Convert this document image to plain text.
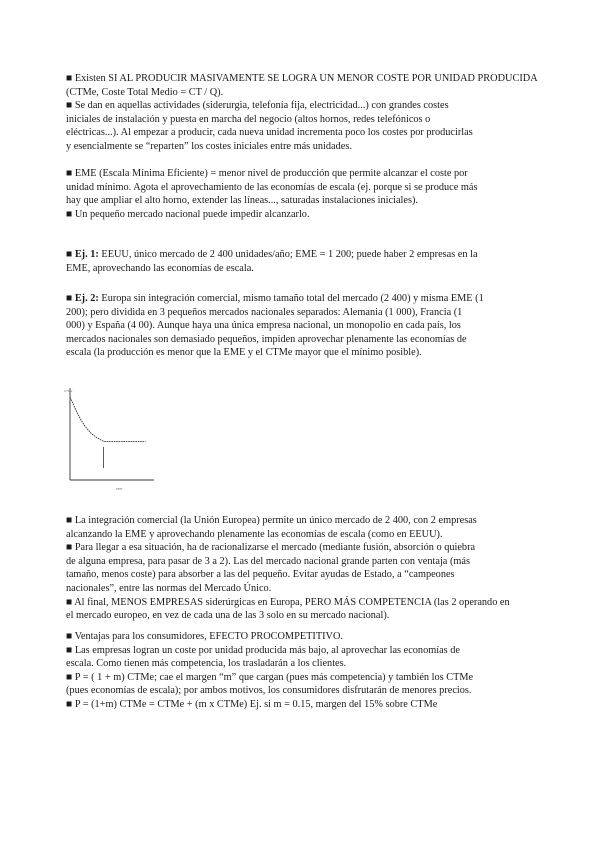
■ Existen SI AL PRODUCIR MASIVAMENTE SE LOGRA UN MENOR COSTE POR UNIDAD PRODUCIDA

(CTMe, Coste Total Medio = CT / Q).

■ Se dan en aquellas actividades (siderurgia, telefonía fija, electricidad...) con grandes costes

iniciales de instalación y puesta en marcha del negocio (altos hornos, redes telefónicos o

eléctricas...). Al empezar a producir, cada nueva unidad incrementa poco los costes por producirlas

y esencialmente se “reparten” los costes iniciales entre más unidades.

■ EME (Escala Mínima Eficiente) = menor nivel de producción que permite alcanzar el coste por

unidad mínimo. Agota el aprovechamiento de las economías de escala (ej. porque si se produce más

hay que ampliar el alto horno, extender las líneas..., saturadas instalaciones iniciales).

■ Un pequeño mercado nacional puede impedir alcanzarlo.

■ Ej. 1: EEUU, único mercado de 2 400 unidades/año; EME = 1 200; puede haber 2 empresas en la

EME, aprovechando las economías de escala.

■ Ej. 2: Europa sin integración comercial, mismo tamaño total del mercado (2 400) y misma EME (1

200); pero dividida en 3 pequeños mercados nacionales separados: Alemania (1 000), Francia (1

000) y España (4 00). Aunque haya una única empresa nacional, un monopolio en cada país, los

mercados nacionales son demasiado pequeños, impiden aprovechar plenamente las economías de

escala (la producción es menor que la EME y el CTMe mayor que el mínimo posible).

CTMe
EME

■ La integración comercial (la Unión Europea) permite un único mercado de 2 400, con 2 empresas

alcanzando la EME y aprovechando plenamente las economías de escala (como en EEUU).

■ Para llegar a esa situación, ha de racionalizarse el mercado (mediante fusión, absorción o quiebra

de alguna empresa, para pasar de 3 a 2). Las del mercado nacional grande parten con ventaja (más

tamaño, menos coste) para absorber a las del pequeño. Evitar ayudas de Estado, a “campeones

nacionales”, entre las normas del Mercado Único.

■ Al final, MENOS EMPRESAS siderúrgicas en Europa, PERO MÁS COMPETENCIA (las 2 operando en

el mercado europeo, en vez de cada una de las 3 solo en su mercado nacional).

■ Ventajas para los consumidores, EFECTO PROCOMPETITIVO.

■ Las empresas logran un coste por unidad producida más bajo, al aprovechar las economías de

escala. Como tienen más competencia, los trasladarán a los clientes.

■ P = ( 1 + m) CTMe; cae el margen “m” que cargan (pues más competencia) y también los CTMe

(pues economías de escala); por ambos motivos, los consumidores disfrutarán de menores precios.

■ P = (1+m) CTMe = CTMe + (m x CTMe) Ej. si m = 0.15, margen del 15% sobre CTMe
